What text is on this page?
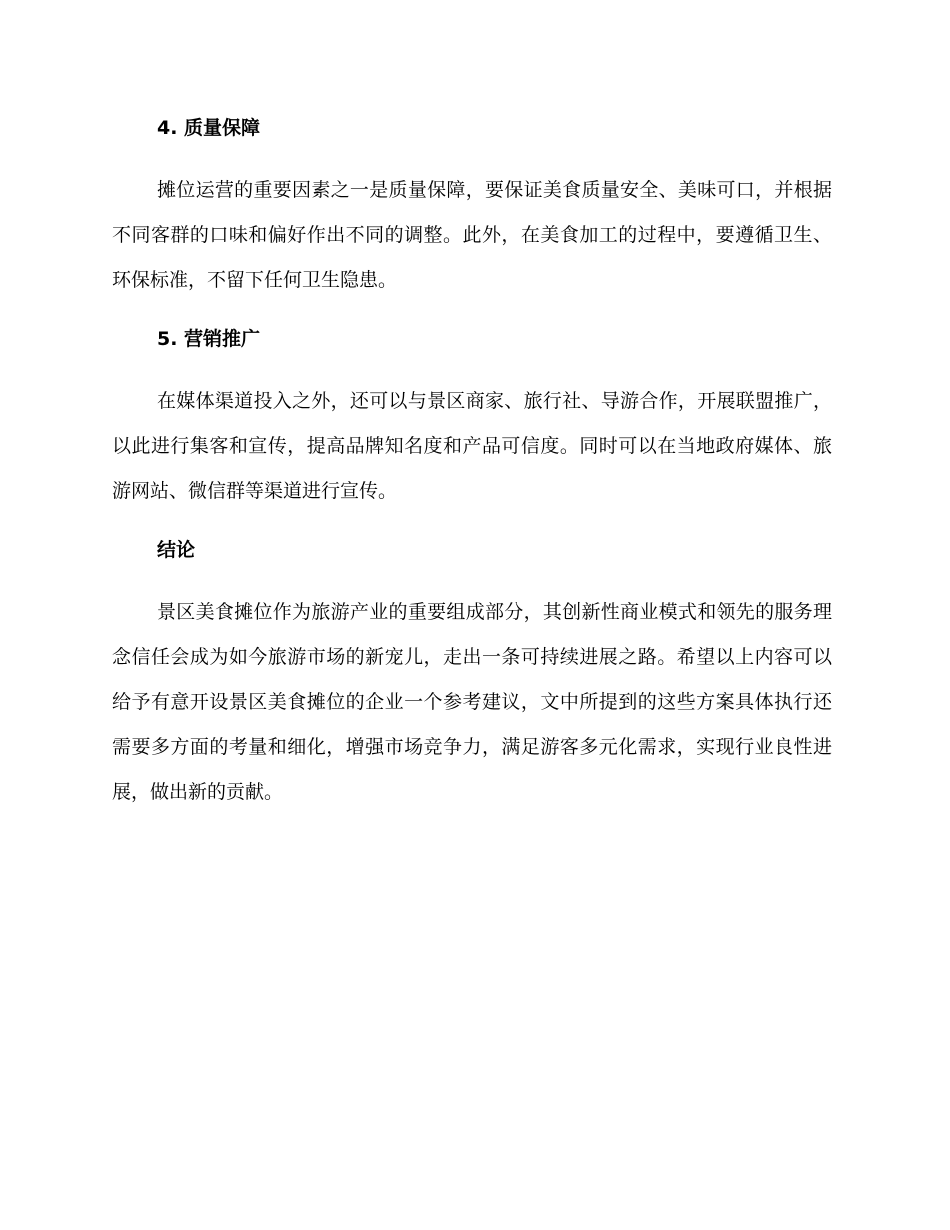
4. 质量保障

摊位运营的重要因素之一是质量保障，要保证美食质量安全、美味可口，并根据不同客群的口味和偏好作出不同的调整。此外，在美食加工的过程中，要遵循卫生、环保标准，不留下任何卫生隐患。

5. 营销推广

在媒体渠道投入之外，还可以与景区商家、旅行社、导游合作，开展联盟推广，以此进行集客和宣传，提高品牌知名度和产品可信度。同时可以在当地政府媒体、旅游网站、微信群等渠道进行宣传。

结论

景区美食摊位作为旅游产业的重要组成部分，其创新性商业模式和领先的服务理念信任会成为如今旅游市场的新宠儿，走出一条可持续进展之路。希望以上内容可以给予有意开设景区美食摊位的企业一个参考建议，文中所提到的这些方案具体执行还需要多方面的考量和细化，增强市场竞争力，满足游客多元化需求，实现行业良性进展，做出新的贡献。
